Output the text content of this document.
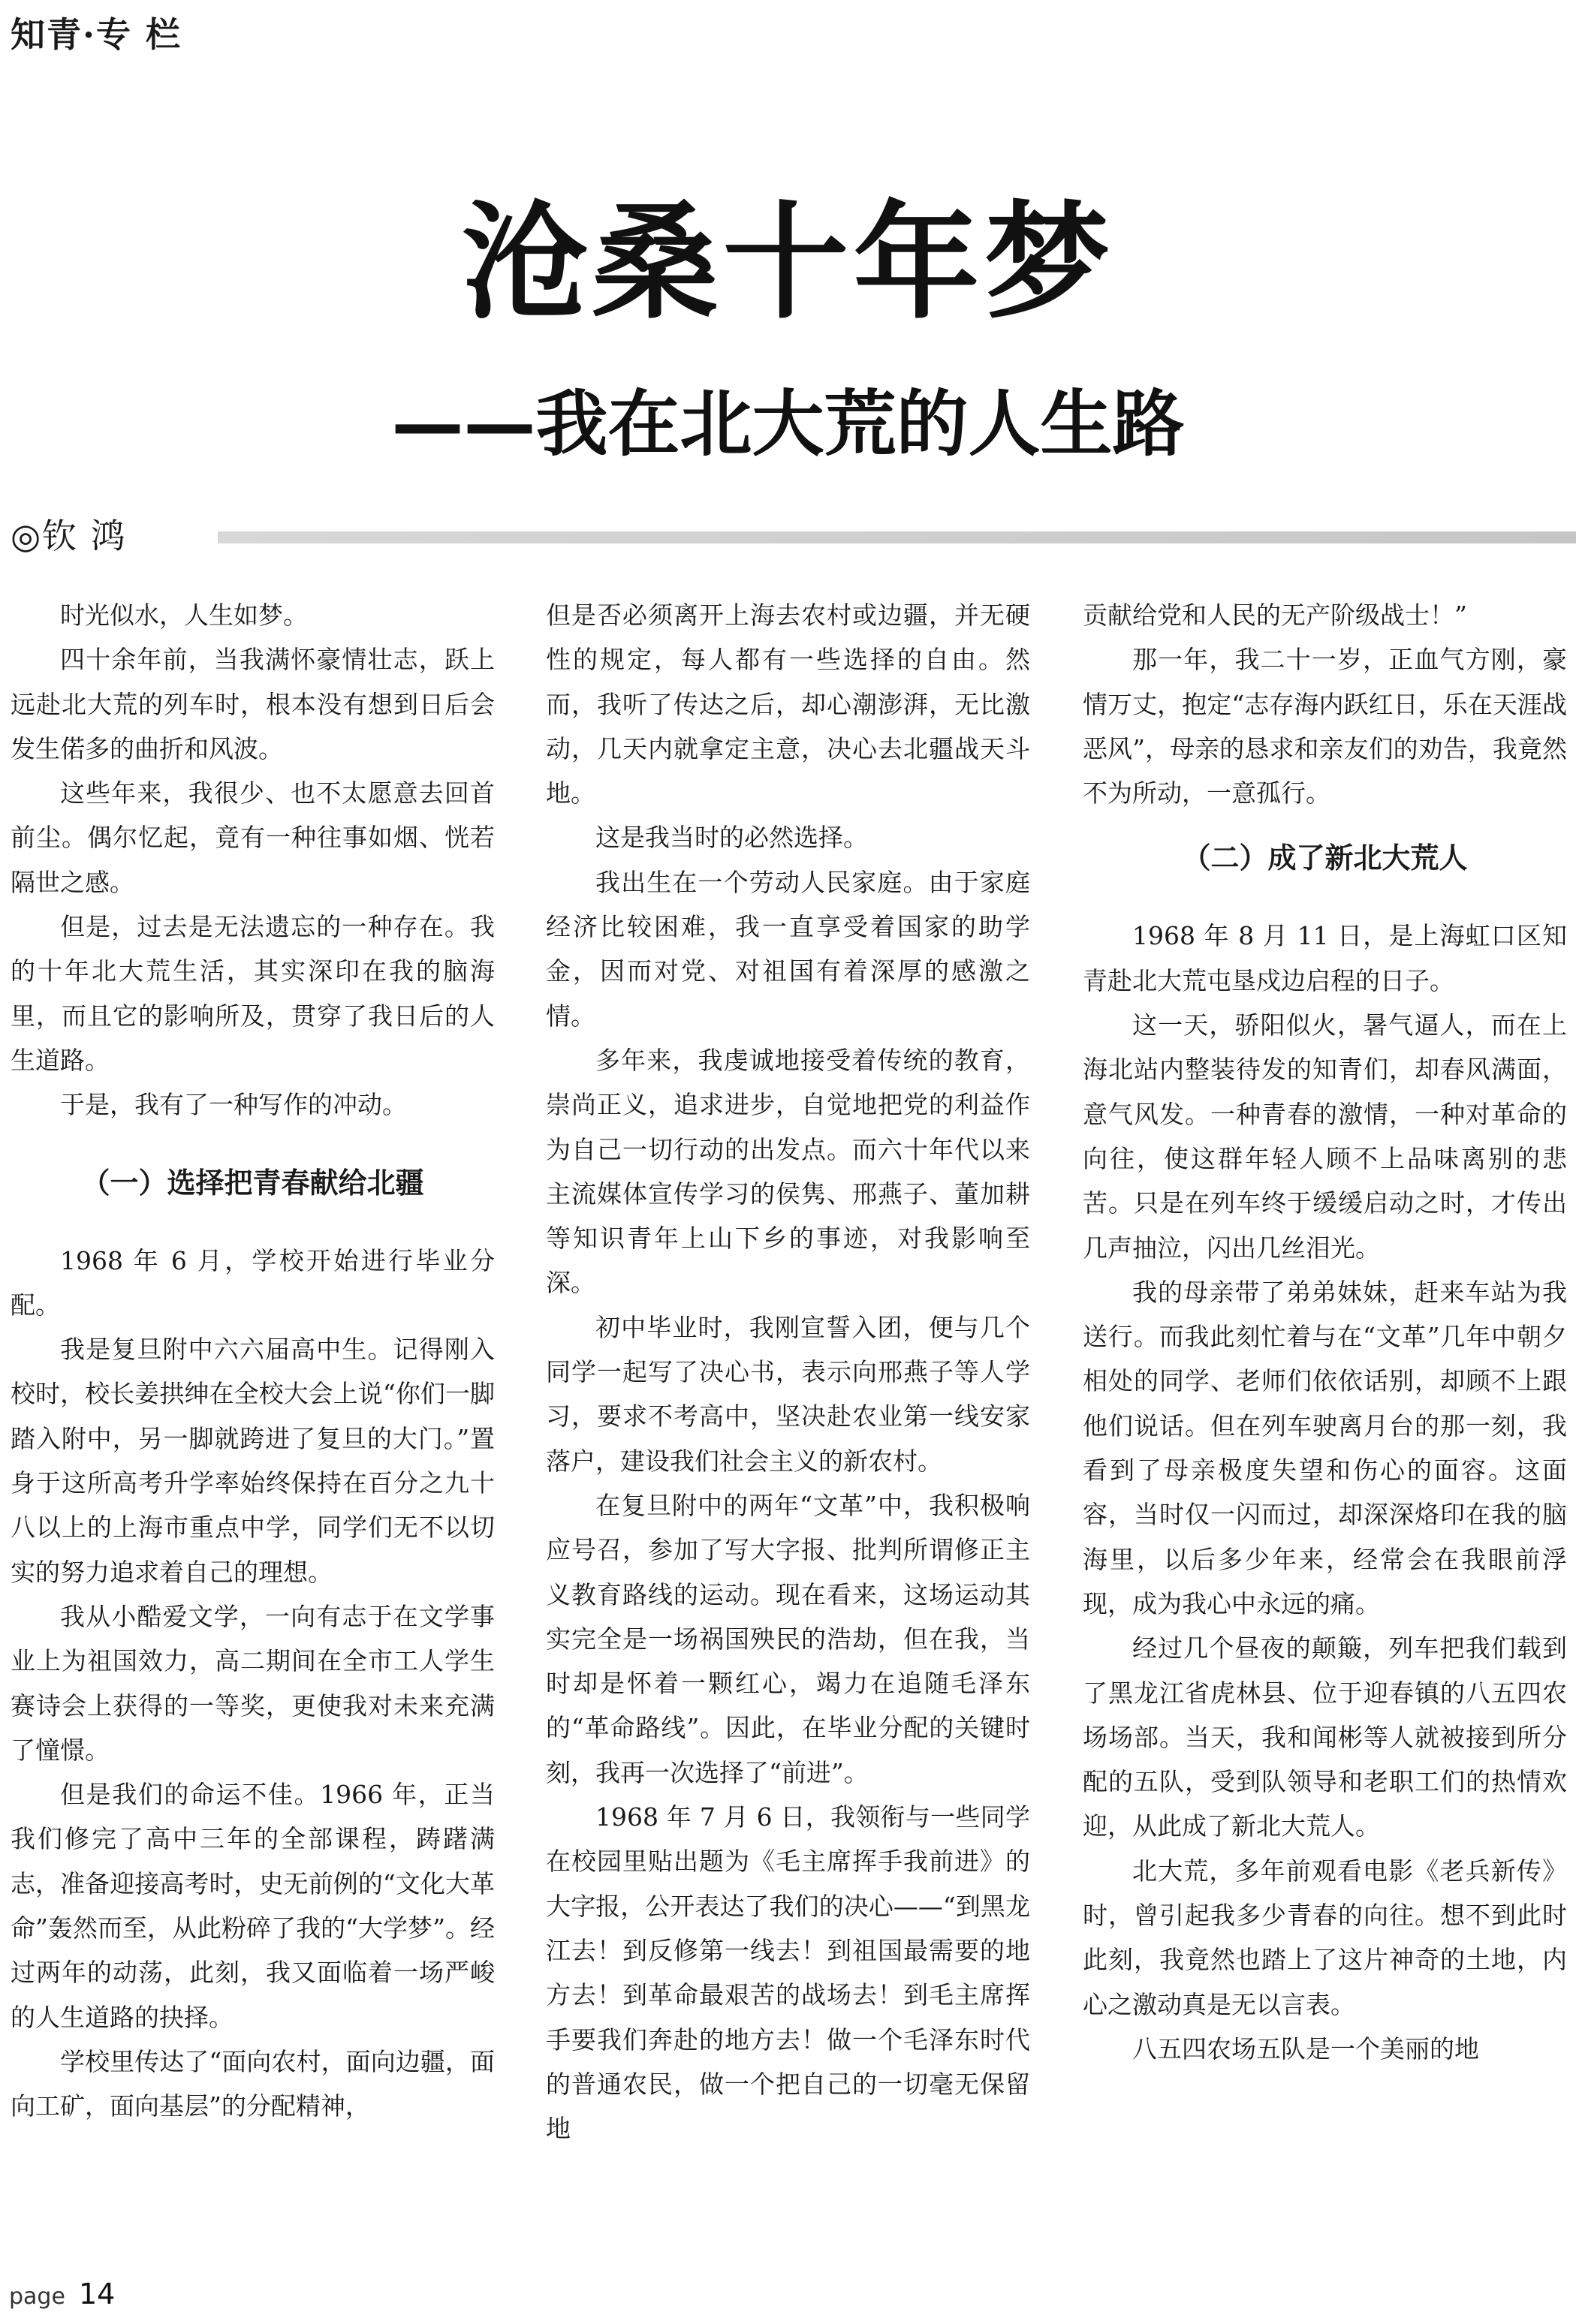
知青·专 栏
沧桑十年梦
——我在北大荒的人生路
◎钦 鸿

时光似水，人生如梦。

四十余年前，当我满怀豪情壮志，跃上远赴北大荒的列车时，根本没有想到日后会发生偌多的曲折和风波。

这些年来，我很少、也不太愿意去回首前尘。偶尔忆起，竟有一种往事如烟、恍若隔世之感。

但是，过去是无法遗忘的一种存在。我的十年北大荒生活，其实深印在我的脑海里，而且它的影响所及，贯穿了我日后的人生道路。

于是，我有了一种写作的冲动。

（一）选择把青春献给北疆

1968 年 6 月，学校开始进行毕业分配。

我是复旦附中六六届高中生。记得刚入校时，校长姜拱绅在全校大会上说“你们一脚踏入附中，另一脚就跨进了复旦的大门。”置身于这所高考升学率始终保持在百分之九十八以上的上海市重点中学，同学们无不以切实的努力追求着自己的理想。

我从小酷爱文学，一向有志于在文学事业上为祖国效力，高二期间在全市工人学生赛诗会上获得的一等奖，更使我对未来充满了憧憬。

但是我们的命运不佳。1966 年，正当我们修完了高中三年的全部课程，踌躇满志，准备迎接高考时，史无前例的“文化大革命”轰然而至，从此粉碎了我的“大学梦”。经过两年的动荡，此刻，我又面临着一场严峻的人生道路的抉择。

学校里传达了“面向农村，面向边疆，面向工矿，面向基层”的分配精神，

但是否必须离开上海去农村或边疆，并无硬性的规定，每人都有一些选择的自由。然而，我听了传达之后，却心潮澎湃，无比激动，几天内就拿定主意，决心去北疆战天斗地。

这是我当时的必然选择。

我出生在一个劳动人民家庭。由于家庭经济比较困难，我一直享受着国家的助学金，因而对党、对祖国有着深厚的感激之情。

多年来，我虔诚地接受着传统的教育，崇尚正义，追求进步，自觉地把党的利益作为自己一切行动的出发点。而六十年代以来主流媒体宣传学习的侯隽、邢燕子、董加耕等知识青年上山下乡的事迹，对我影响至深。

初中毕业时，我刚宣誓入团，便与几个同学一起写了决心书，表示向邢燕子等人学习，要求不考高中，坚决赴农业第一线安家落户，建设我们社会主义的新农村。

在复旦附中的两年“文革”中，我积极响应号召，参加了写大字报、批判所谓修正主义教育路线的运动。现在看来，这场运动其实完全是一场祸国殃民的浩劫，但在我，当时却是怀着一颗红心，竭力在追随毛泽东的“革命路线”。因此，在毕业分配的关键时刻，我再一次选择了“前进”。

1968 年 7 月 6 日，我领衔与一些同学在校园里贴出题为《毛主席挥手我前进》的大字报，公开表达了我们的决心——“到黑龙江去！到反修第一线去！到祖国最需要的地方去！到革命最艰苦的战场去！到毛主席挥手要我们奔赴的地方去！做一个毛泽东时代的普通农民，做一个把自己的一切毫无保留地

贡献给党和人民的无产阶级战士！”

那一年，我二十一岁，正血气方刚，豪情万丈，抱定“志存海内跃红日，乐在天涯战恶风”，母亲的恳求和亲友们的劝告，我竟然不为所动，一意孤行。

（二）成了新北大荒人

1968 年 8 月 11 日，是上海虹口区知青赴北大荒屯垦戍边启程的日子。

这一天，骄阳似火，暑气逼人，而在上海北站内整装待发的知青们，却春风满面，意气风发。一种青春的激情，一种对革命的向往，使这群年轻人顾不上品味离别的悲苦。只是在列车终于缓缓启动之时，才传出几声抽泣，闪出几丝泪光。

我的母亲带了弟弟妹妹，赶来车站为我送行。而我此刻忙着与在“文革”几年中朝夕相处的同学、老师们依依话别，却顾不上跟他们说话。但在列车驶离月台的那一刻，我看到了母亲极度失望和伤心的面容。这面容，当时仅一闪而过，却深深烙印在我的脑海里，以后多少年来，经常会在我眼前浮现，成为我心中永远的痛。

经过几个昼夜的颠簸，列车把我们载到了黑龙江省虎林县、位于迎春镇的八五四农场场部。当天，我和闻彬等人就被接到所分配的五队，受到队领导和老职工们的热情欢迎，从此成了新北大荒人。

北大荒，多年前观看电影《老兵新传》时，曾引起我多少青春的向往。想不到此时此刻，我竟然也踏上了这片神奇的土地，内心之激动真是无以言表。

八五四农场五队是一个美丽的地

page 14
